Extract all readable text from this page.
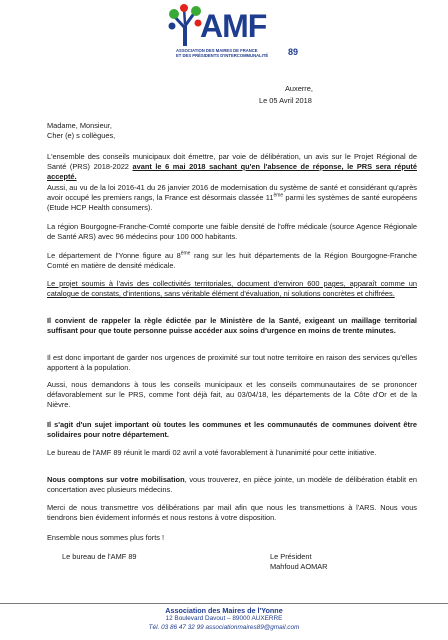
AMF
ASSOCIATION DES MAIRES DE FRANCE
ET DES PRÉSIDENTS D'INTERCOMMUNALITÉ	89
Auxerre,
Le 05 Avril 2018
Madame, Monsieur,
Cher (e) s collègues,

L'ensemble des conseils municipaux doit émettre, par voie de délibération, un avis sur le Projet Régional de Santé (PRS) 2018-2022 avant le 6 mai 2018 sachant qu'en l'absence de réponse, le PRS sera réputé accepté.

Aussi, au vu de la loi 2016-41 du 26 janvier 2016 de modernisation du système de santé et considérant qu'après avoir occupé les premiers rangs, la France est désormais classée 11ème parmi les systèmes de santé européens (Etude HCP Health consumers).

La région Bourgogne-Franche-Comté comporte une faible densité de l'offre médicale (source Agence Régionale de Santé ARS) avec 96 médecins pour 100 000 habitants.

Le département de l'Yonne figure au 8ème rang sur les huit départements de la Région Bourgogne-Franche Comté en matière de densité médicale.

Le projet soumis à l'avis des collectivités territoriales, document d'environ 600 pages, apparaît comme un catalogue de constats, d'intentions, sans véritable élément d'évaluation, ni solutions concrètes et chiffrées.

Il convient de rappeler la règle édictée par le Ministère de la Santé, exigeant un maillage territorial suffisant pour que toute personne puisse accéder aux soins d'urgence en moins de trente minutes.

Il est donc important de garder nos urgences de proximité sur tout notre territoire en raison des services qu'elles apportent à la population.

Aussi, nous demandons à tous les conseils municipaux et les conseils communautaires de se prononcer défavorablement sur le PRS, comme l'ont déjà fait, au 03/04/18, les départements de la Côte d'Or et de la Nièvre.

Il s'agit d'un sujet important où toutes les communes et les communautés de communes doivent être solidaires pour notre département.

Le bureau de l'AMF 89 réunit le mardi 02 avril a voté favorablement à l'unanimité pour cette initiative.

Nous comptons sur votre mobilisation, vous trouverez, en pièce jointe, un modèle de délibération établit en concertation avec plusieurs médecins.

Merci de nous transmettre vos délibérations par mail afin que nous les transmettions à l'ARS. Nous vous tiendrons bien évidement informés et nous restons à votre disposition.

Ensemble nous sommes plus forts !
Le bureau de l'AMF 89	Le Président
Mahfoud AOMAR
Association des Maires de l'Yonne
12 Boulevard Davout – 89000 AUXERRE
Tél. 03 86 47 32 99 associationmaires89@gmail.com
